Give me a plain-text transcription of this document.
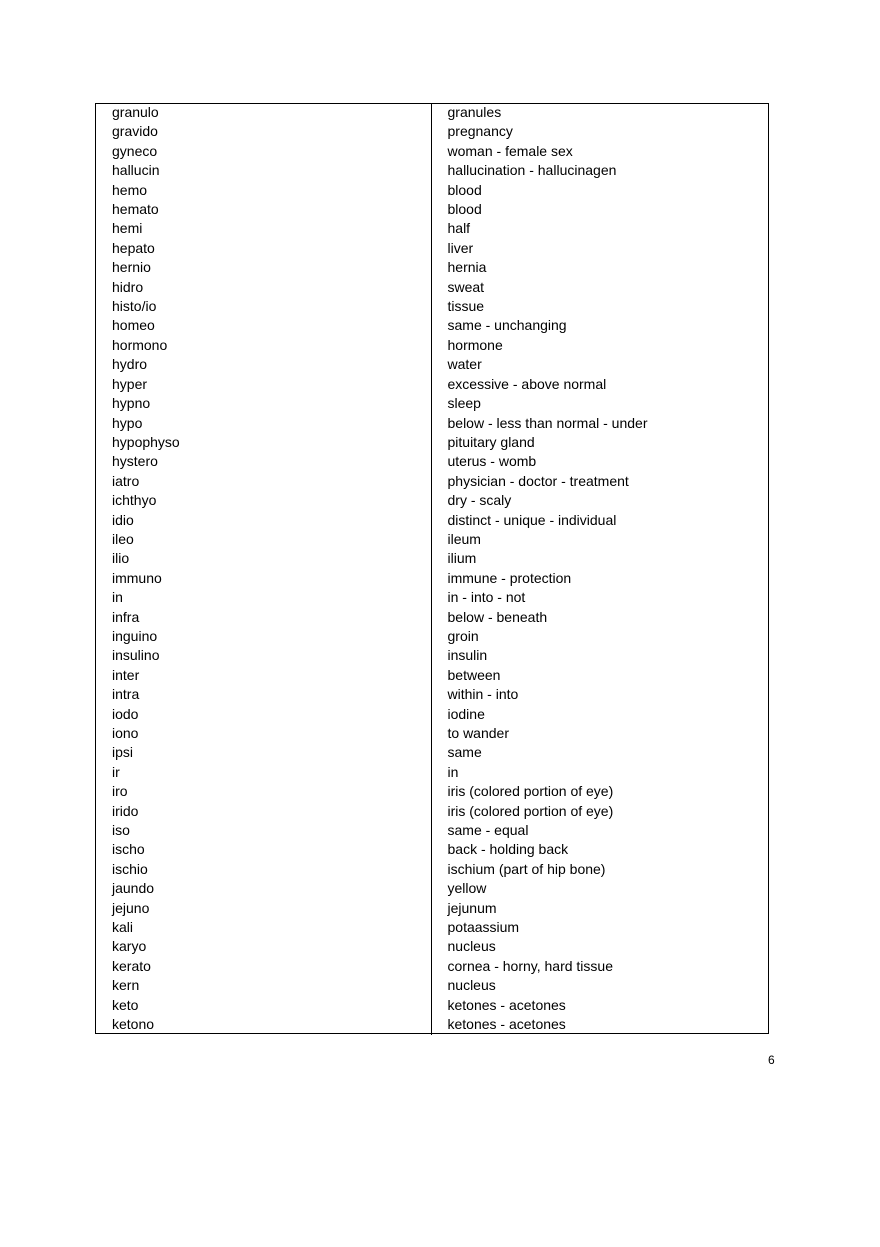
granulo	granules
gravido	pregnancy
gyneco	woman - female sex
hallucin	hallucination - hallucinagen
hemo	blood
hemato	blood
hemi	half
hepato	liver
hernio	hernia
hidro	sweat
histo/io	tissue
homeo	same - unchanging
hormono	hormone
hydro	water
hyper	excessive - above normal
hypno	sleep
hypo	below - less than normal - under
hypophyso	pituitary gland
hystero	uterus - womb
iatro	physician - doctor - treatment
ichthyo	dry - scaly
idio	distinct - unique - individual
ileo	ileum
ilio	ilium
immuno	immune - protection
in	in - into - not
infra	below - beneath
inguino	groin
insulino	insulin
inter	between
intra	within - into
iodo	iodine
iono	to wander
ipsi	same
ir	in
iro	iris (colored portion of eye)
irido	iris (colored portion of eye)
iso	same - equal
ischo	back - holding back
ischio	ischium (part of hip bone)
jaundo	yellow
jejuno	jejunum
kali	potaassium
karyo	nucleus
kerato	cornea - horny, hard tissue
kern	nucleus
keto	ketones - acetones
ketono	ketones - acetones
6
